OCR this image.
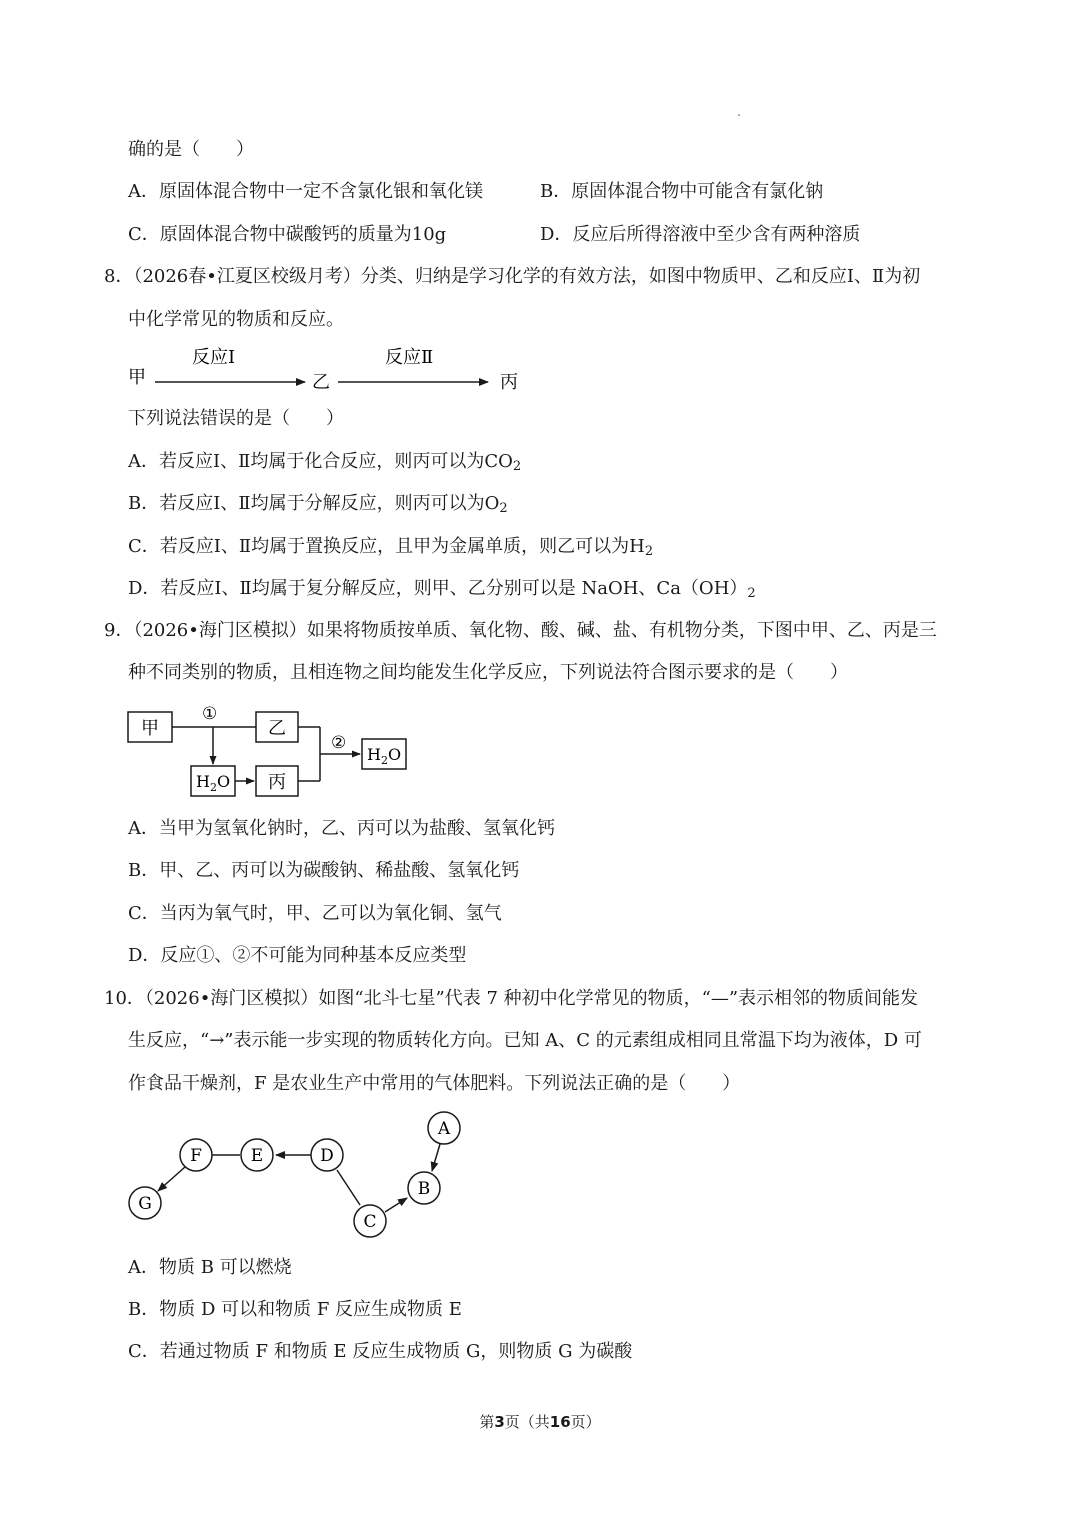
确的是（　　）
A．原固体混合物中一定不含氯化银和氧化镁	B．原固体混合物中可能含有氯化钠
C．原固体混合物中碳酸钙的质量为10g	D．反应后所得溶液中至少含有两种溶质
8．（2026春•江夏区校级月考）分类、归纳是学习化学的有效方法，如图中物质甲、乙和反应Ⅰ、Ⅱ为初
中化学常见的物质和反应。
甲
反应Ⅰ
乙
反应Ⅱ
丙
下列说法错误的是（　　）
A．若反应Ⅰ、Ⅱ均属于化合反应，则丙可以为$CO_2$
B．若反应Ⅰ、Ⅱ均属于分解反应，则丙可以为$O_2$
C．若反应Ⅰ、Ⅱ均属于置换反应，且甲为金属单质，则乙可以为$H_2$
D．若反应Ⅰ、Ⅱ均属于复分解反应，则甲、乙分别可以是 NaOH、$Ca(OH)_2$
9．（2026•海门区模拟）如果将物质按单质、氧化物、酸、碱、盐、有机物分类，下图中甲、乙、丙是三
种不同类别的物质，且相连物之间均能发生化学反应，下列说法符合图示要求的是（　　）
甲	乙
丙
$H_2O$
$H_2O$
①
②
A．当甲为氢氧化钠时，乙、丙可以为盐酸、氢氧化钙
B．甲、乙、丙可以为碳酸钠、稀盐酸、氢氧化钙
C．当丙为氧气时，甲、乙可以为氧化铜、氢气
D．反应①、②不可能为同种基本反应类型
10．（2026•海门区模拟）如图“北斗七星”代表 7 种初中化学常见的物质，“—”表示相邻的物质间能发
生反应，“→”表示能一步实现的物质转化方向。已知 A、C 的元素组成相同且常温下均为液体，D 可
作食品干燥剂，F 是农业生产中常用的气体肥料。下列说法正确的是（　　）
A
B
C
D
E
F
G
A．物质 B 可以燃烧
B．物质 D 可以和物质 F 反应生成物质 E
C．若通过物质 F 和物质 E 反应生成物质 G，则物质 G 为碳酸
第3页（共16页）
